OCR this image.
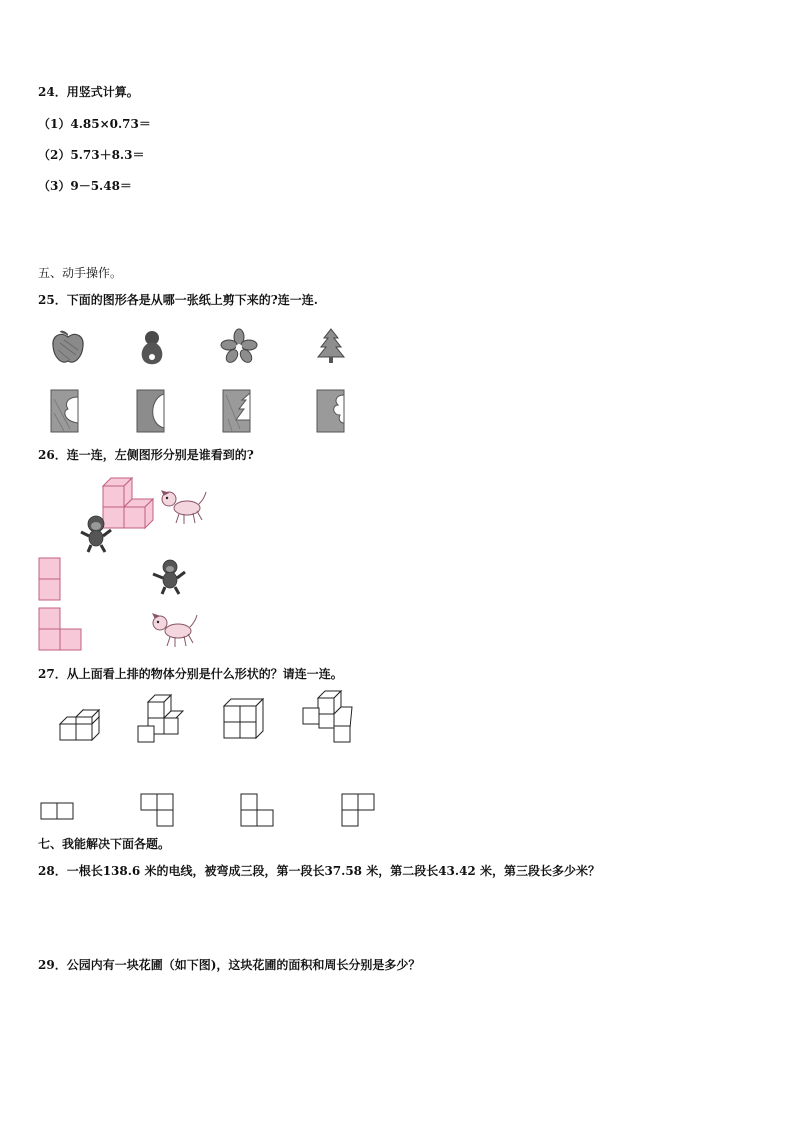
24．用竖式计算。
（1）4.85×0.73＝
（2）5.73＋8.3＝
（3）9－5.48＝
五、动手操作。
25．下面的图形各是从哪一张纸上剪下来的?连一连.
26．连一连，左侧图形分别是谁看到的?
27．从上面看上排的物体分别是什么形状的？请连一连。
七、我能解决下面各题。
28．一根长138.6 米的电线，被弯成三段，第一段长37.58 米，第二段长43.42 米，第三段长多少米？
29．公园内有一块花圃（如下图)，这块花圃的面积和周长分别是多少？
